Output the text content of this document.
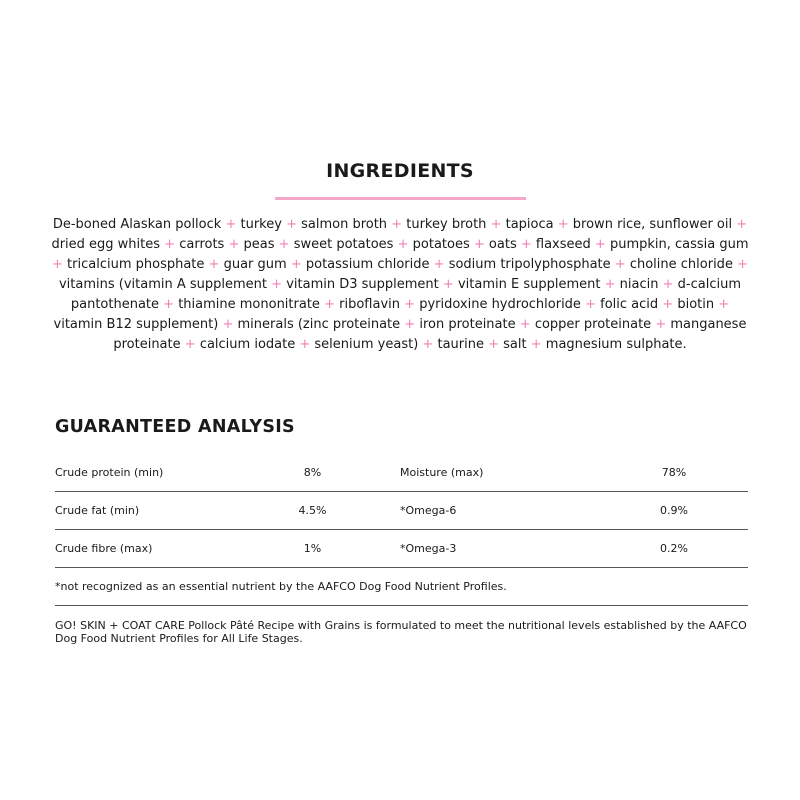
INGREDIENTS

De-boned Alaskan pollock + turkey + salmon broth + turkey broth + tapioca + brown rice, sunflower oil + dried egg whites + carrots + peas + sweet potatoes + potatoes + oats + flaxseed + pumpkin, cassia gum + tricalcium phosphate + guar gum + potassium chloride + sodium tripolyphosphate + choline chloride + vitamins (vitamin A supplement + vitamin D3 supplement + vitamin E supplement + niacin + d-calcium pantothenate + thiamine mononitrate + riboflavin + pyridoxine hydrochloride + folic acid + biotin + vitamin B12 supplement) + minerals (zinc proteinate + iron proteinate + copper proteinate + manganese proteinate + calcium iodate + selenium yeast) + taurine + salt + magnesium sulphate.

GUARANTEED ANALYSIS
Crude protein (min)	8%	Moisture (max)	78%
Crude fat (min)	4.5%	*Omega-6	0.9%
Crude fibre (max)	1%	*Omega-3	0.2%

*not recognized as an essential nutrient by the AAFCO Dog Food Nutrient Profiles.

GO! SKIN + COAT CARE Pollock Pâté Recipe with Grains is formulated to meet the nutritional levels established by the AAFCO Dog Food Nutrient Profiles for All Life Stages.
